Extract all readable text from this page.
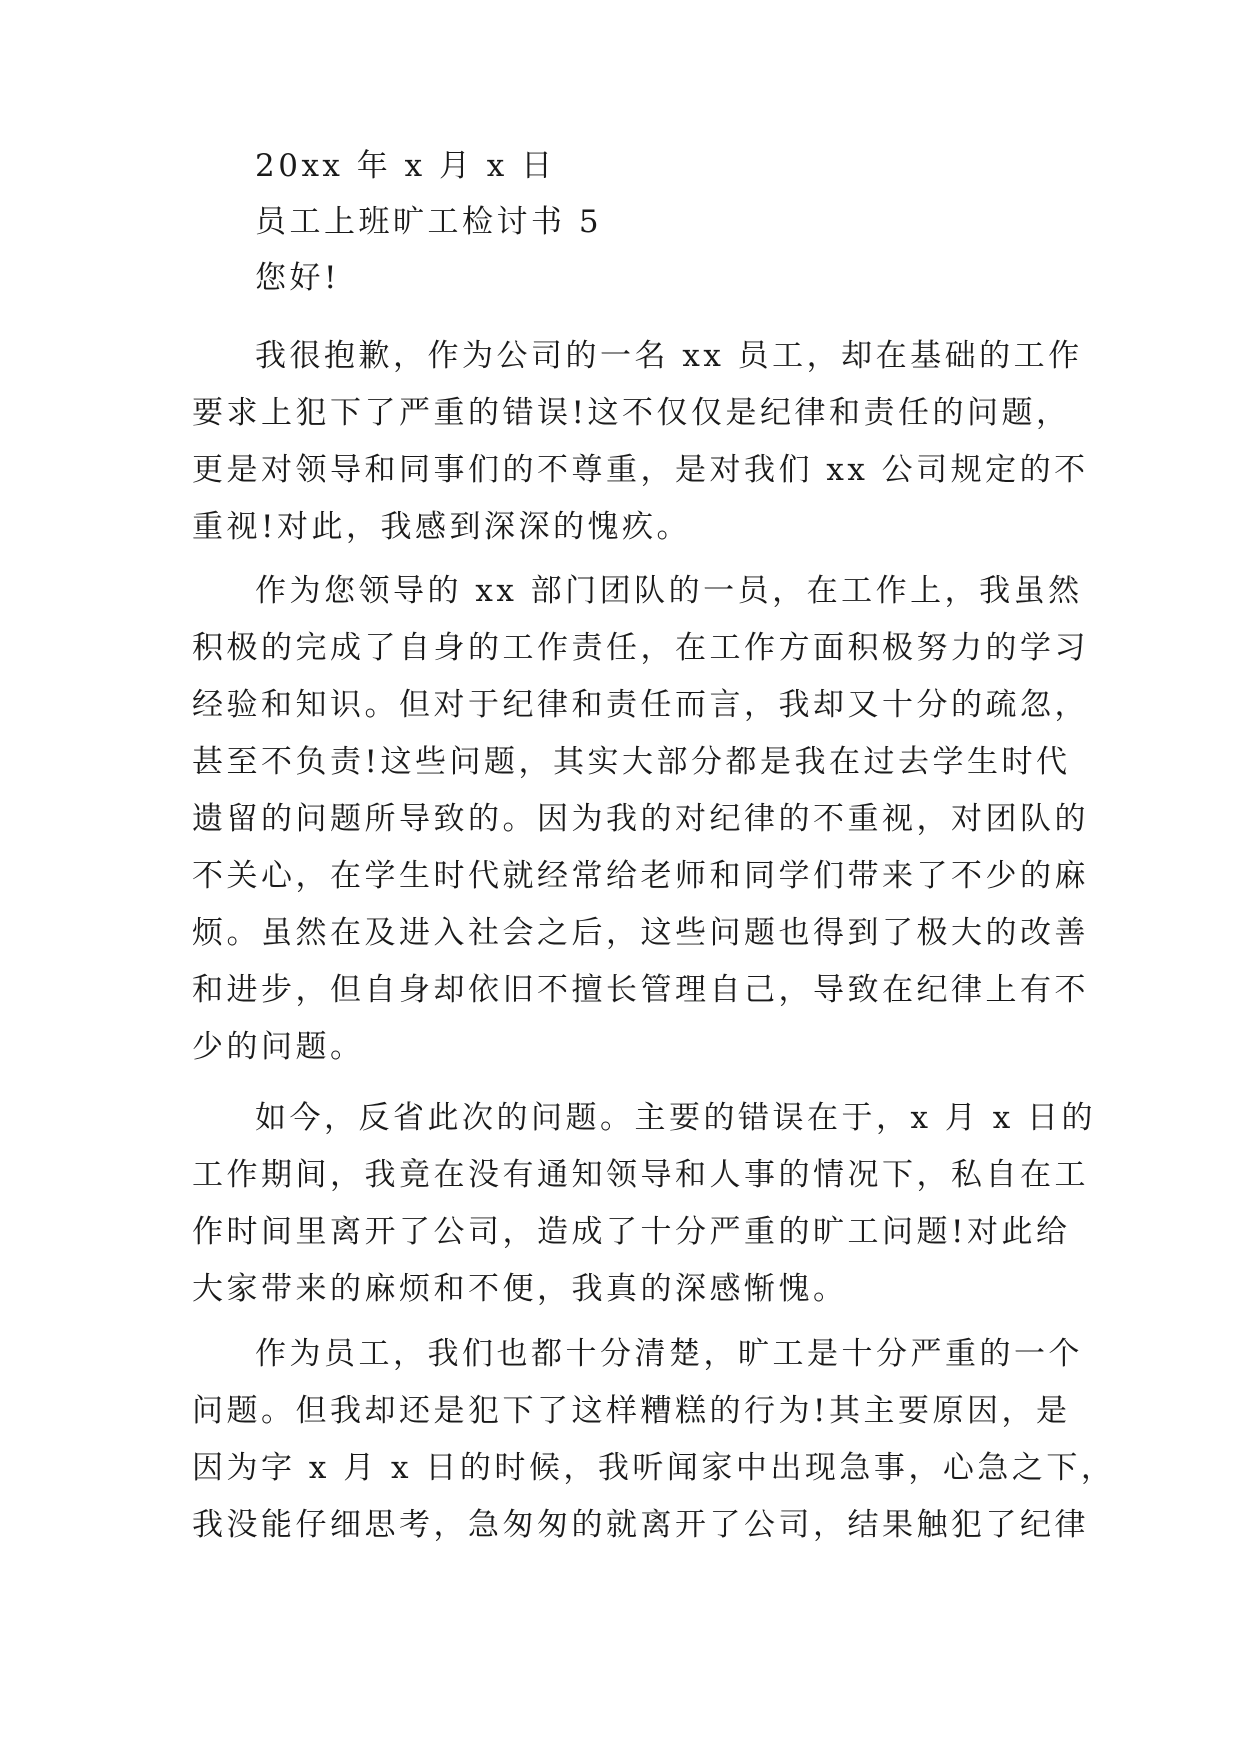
20xx 年 x 月 x 日
员工上班旷工检讨书 5
您好!
我很抱歉，作为公司的一名 xx 员工，却在基础的工作
要求上犯下了严重的错误!这不仅仅是纪律和责任的问题，
更是对领导和同事们的不尊重，是对我们 xx 公司规定的不
重视!对此，我感到深深的愧疚。
作为您领导的 xx 部门团队的一员，在工作上，我虽然
积极的完成了自身的工作责任，在工作方面积极努力的学习
经验和知识。但对于纪律和责任而言，我却又十分的疏忽，
甚至不负责!这些问题，其实大部分都是我在过去学生时代
遗留的问题所导致的。因为我的对纪律的不重视，对团队的
不关心，在学生时代就经常给老师和同学们带来了不少的麻
烦。虽然在及进入社会之后，这些问题也得到了极大的改善
和进步，但自身却依旧不擅长管理自己，导致在纪律上有不
少的问题。
如今，反省此次的问题。主要的错误在于，x 月 x 日的
工作期间，我竟在没有通知领导和人事的情况下，私自在工
作时间里离开了公司，造成了十分严重的旷工问题!对此给
大家带来的麻烦和不便，我真的深感惭愧。
作为员工，我们也都十分清楚，旷工是十分严重的一个
问题。但我却还是犯下了这样糟糕的行为!其主要原因，是
因为字 x 月 x 日的时候，我听闻家中出现急事，心急之下，
我没能仔细思考，急匆匆的就离开了公司，结果触犯了纪律
